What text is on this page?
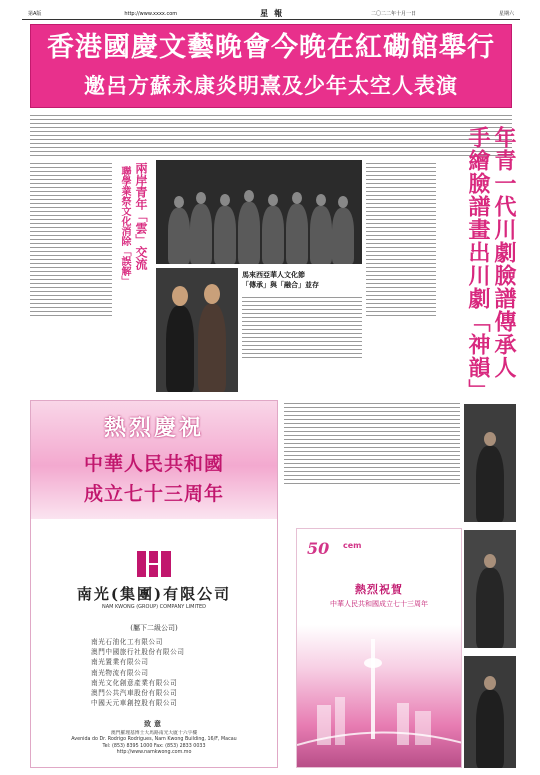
第A版	http://www.xxxx.com	星報	二〇二二年十月一日	星期六
香港國慶文藝晚會今晚在紅磡館舉行
邀呂方蘇永康炎明熹及少年太空人表演
兩岸青年「雲」交流
聯學業祭文化消除「誤解」	馬來西亞華人文化節
「傳承」與「融合」並存	年青一代川劇臉譜傳承人手繪臉譜畫出川劇「神韻」
熱烈慶祝
中華人民共和國
成立七十三周年
南光(集團)有限公司
NAM KWONG (GROUP) COMPANY LIMITED
(屬下二級公司)
南光石油化工有限公司
澳門中國旅行社股份有限公司
南光置業有限公司
南光物流有限公司
南光文化創意產業有限公司
澳門公共汽車股份有限公司
中國天元車創控股有限公司
致意
澳門羅理基博士大馬路南光大廈十六字樓
Avenida do Dr. Rodrigo Rodrigues, Nam Kwong Building, 16/F, Macau
Tel: (853) 8395 1000 Fax: (853) 2833 0033
http://www.namkwong.com.mo
50 cem
熱烈祝賀
中華人民共和國成立七十三周年
